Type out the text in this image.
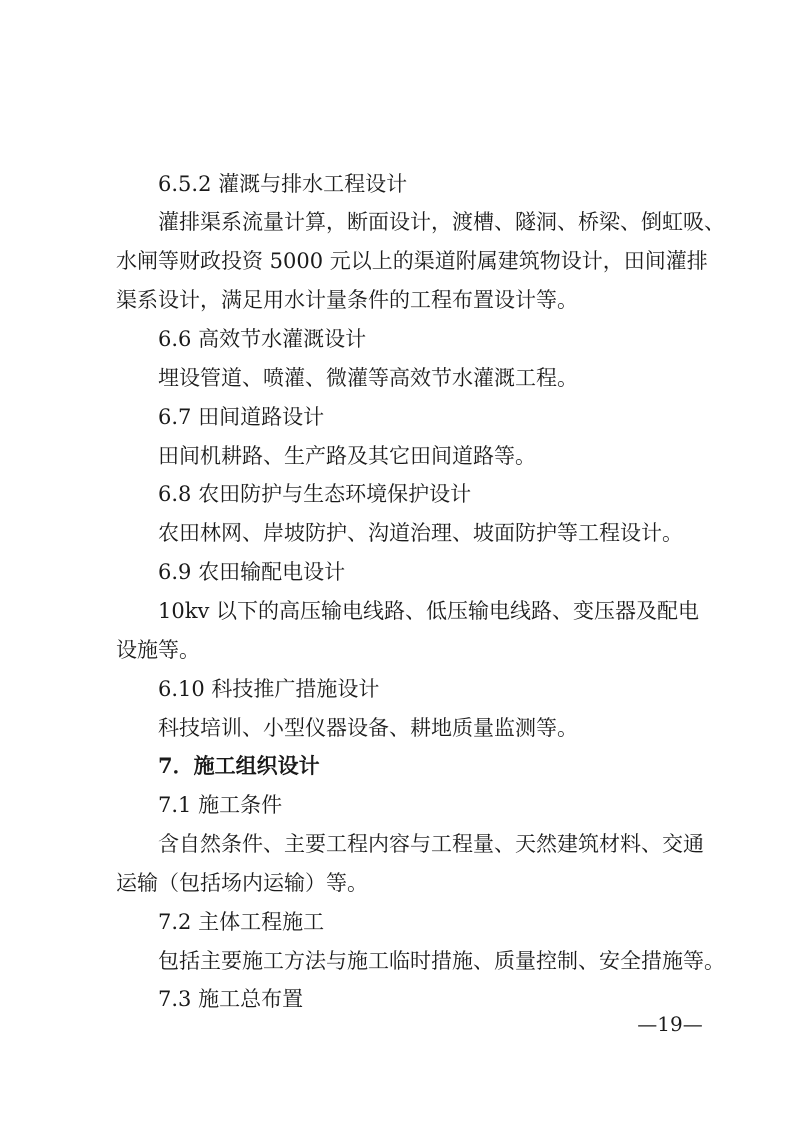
6.5.2 灌溉与排水工程设计
灌排渠系流量计算，断面设计，渡槽、隧洞、桥梁、倒虹吸、
水闸等财政投资 5000 元以上的渠道附属建筑物设计，田间灌排
渠系设计，满足用水计量条件的工程布置设计等。
6.6 高效节水灌溉设计
埋设管道、喷灌、微灌等高效节水灌溉工程。
6.7 田间道路设计
田间机耕路、生产路及其它田间道路等。
6.8 农田防护与生态环境保护设计
农田林网、岸坡防护、沟道治理、坡面防护等工程设计。
6.9 农田输配电设计
10kv 以下的高压输电线路、低压输电线路、变压器及配电
设施等。
6.10 科技推广措施设计
科技培训、小型仪器设备、耕地质量监测等。
7．施工组织设计
7.1 施工条件
含自然条件、主要工程内容与工程量、天然建筑材料、交通
运输（包括场内运输）等。
7.2 主体工程施工
包括主要施工方法与施工临时措施、质量控制、安全措施等。
7.3 施工总布置
—19—
